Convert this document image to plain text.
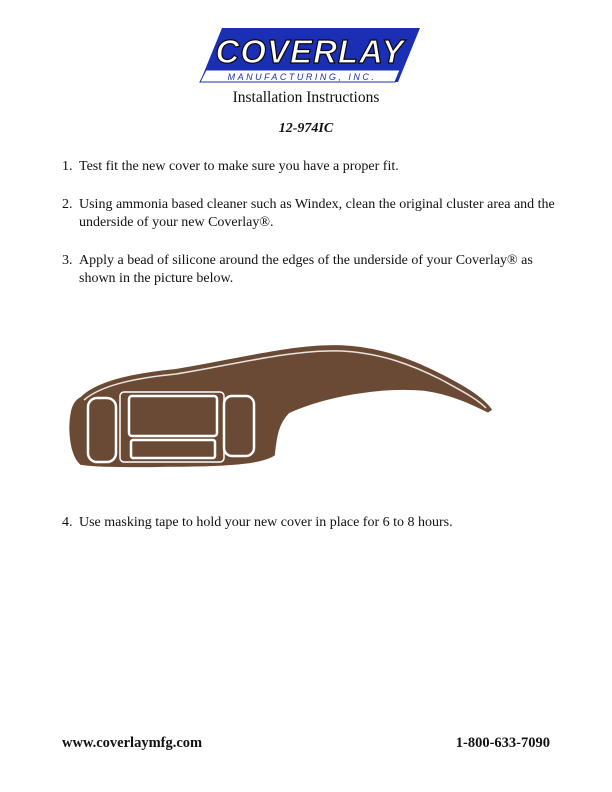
COVERLAY
MANUFACTURING, INC.
Installation Instructions
12-974IC
1. Test fit the new cover to make sure you have a proper fit.
2. Using ammonia based cleaner such as Windex, clean the original cluster area and the underside of your new Coverlay®.
3. Apply a bead of silicone around the edges of the underside of your Coverlay® as shown in the picture below.
4. Use masking tape to hold your new cover in place for 6 to 8 hours.
www.coverlaymfg.com	1-800-633-7090
